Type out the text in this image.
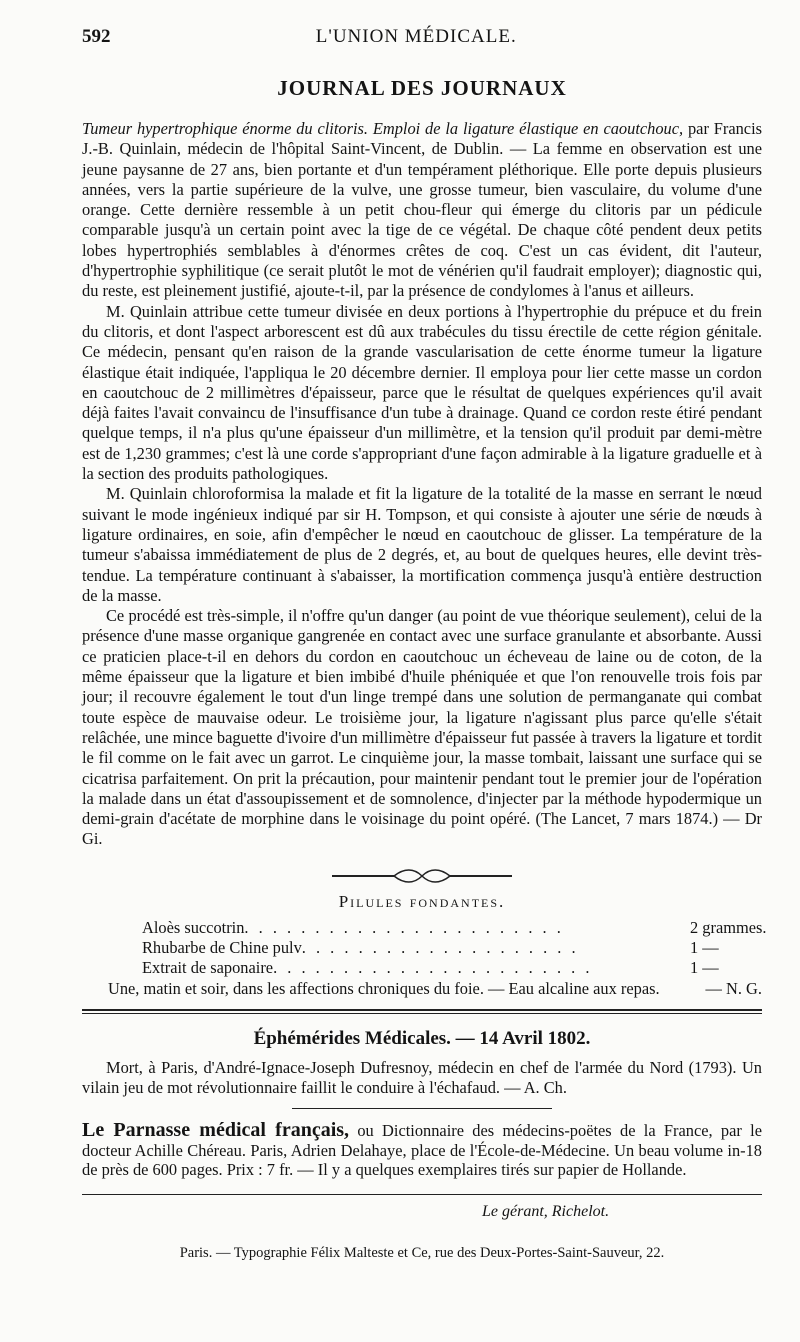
592	L'UNION MÉDICALE.
JOURNAL DES JOURNAUX

Tumeur hypertrophique énorme du clitoris. Emploi de la ligature élastique en caoutchouc, par Francis J.-B. Quinlain, médecin de l'hôpital Saint-Vincent, de Dublin. — La femme en observation est une jeune paysanne de 27 ans, bien portante et d'un tempérament pléthorique. Elle porte depuis plusieurs années, vers la partie supérieure de la vulve, une grosse tumeur, bien vasculaire, du volume d'une orange. Cette dernière ressemble à un petit chou-fleur qui émerge du clitoris par un pédicule comparable jusqu'à un certain point avec la tige de ce végétal. De chaque côté pendent deux petits lobes hypertrophiés semblables à d'énormes crêtes de coq. C'est un cas évident, dit l'auteur, d'hypertrophie syphilitique (ce serait plutôt le mot de vénérien qu'il faudrait employer); diagnostic qui, du reste, est pleinement justifié, ajoute-t-il, par la présence de condylomes à l'anus et ailleurs.

M. Quinlain attribue cette tumeur divisée en deux portions à l'hypertrophie du prépuce et du frein du clitoris, et dont l'aspect arborescent est dû aux trabécules du tissu érectile de cette région génitale. Ce médecin, pensant qu'en raison de la grande vascularisation de cette énorme tumeur la ligature élastique était indiquée, l'appliqua le 20 décembre dernier. Il employa pour lier cette masse un cordon en caoutchouc de 2 millimètres d'épaisseur, parce que le résultat de quelques expériences qu'il avait déjà faites l'avait convaincu de l'insuffisance d'un tube à drainage. Quand ce cordon reste étiré pendant quelque temps, il n'a plus qu'une épaisseur d'un millimètre, et la tension qu'il produit par demi-mètre est de 1,230 grammes; c'est là une corde s'appropriant d'une façon admirable à la ligature graduelle et à la section des produits pathologiques.

M. Quinlain chloroformisa la malade et fit la ligature de la totalité de la masse en serrant le nœud suivant le mode ingénieux indiqué par sir H. Tompson, et qui consiste à ajouter une série de nœuds à ligature ordinaires, en soie, afin d'empêcher le nœud en caoutchouc de glisser. La température de la tumeur s'abaissa immédiatement de plus de 2 degrés, et, au bout de quelques heures, elle devint très-tendue. La température continuant à s'abaisser, la mortification commença jusqu'à entière destruction de la masse.

Ce procédé est très-simple, il n'offre qu'un danger (au point de vue théorique seulement), celui de la présence d'une masse organique gangrenée en contact avec une surface granulante et absorbante. Aussi ce praticien place-t-il en dehors du cordon en caoutchouc un écheveau de laine ou de coton, de la même épaisseur que la ligature et bien imbibé d'huile phéniquée et que l'on renouvelle trois fois par jour; il recouvre également le tout d'un linge trempé dans une solution de permanganate qui combat toute espèce de mauvaise odeur. Le troisième jour, la ligature n'agissant plus parce qu'elle s'était relâchée, une mince baguette d'ivoire d'un millimètre d'épaisseur fut passée à travers la ligature et tordit le fil comme on le fait avec un garrot. Le cinquième jour, la masse tombait, laissant une surface qui se cicatrisa parfaitement. On prit la précaution, pour maintenir pendant tout le premier jour de l'opération la malade dans un état d'assoupissement et de somnolence, d'injecter par la méthode hypodermique un demi-grain d'acétate de morphine dans le voisinage du point opéré. (The Lancet, 7 mars 1874.) — Dr Gi.

Pilules fondantes.
Aloès succotrin . . . . . . . . . . . . . . . . . . . . . . .	2 grammes.
Rhubarbe de Chine pulv . . . . . . . . . . . . . . . . . . . .	1 —
Extrait de saponaire . . . . . . . . . . . . . . . . . . . . . . .	1 —
Une, matin et soir, dans les affections chroniques du foie. — Eau alcaline aux repas.	— N. G.
Éphémérides Médicales. — 14 Avril 1802.

Mort, à Paris, d'André-Ignace-Joseph Dufresnoy, médecin en chef de l'armée du Nord (1793). Un vilain jeu de mot révolutionnaire faillit le conduire à l'échafaud. — A. Ch.

Le Parnasse médical français, ou Dictionnaire des médecins-poëtes de la France, par le docteur Achille Chéreau. Paris, Adrien Delahaye, place de l'École-de-Médecine. Un beau volume in-18 de près de 600 pages. Prix : 7 fr. — Il y a quelques exemplaires tirés sur papier de Hollande.
Le gérant, Richelot.
Paris. — Typographie Félix Malteste et Ce, rue des Deux-Portes-Saint-Sauveur, 22.
